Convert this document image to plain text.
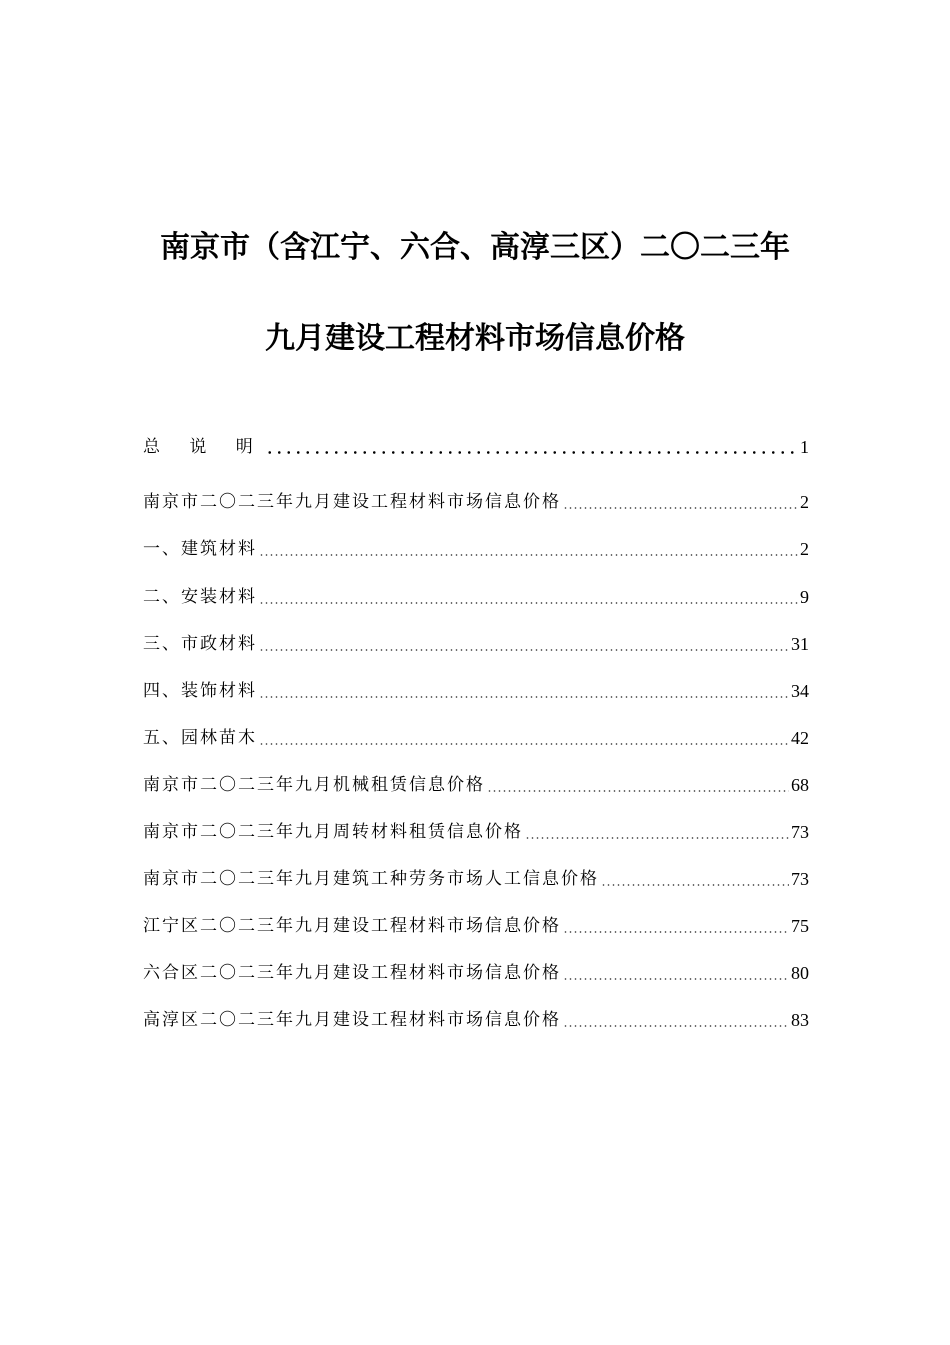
南京市（含江宁、六合、高淳三区）二〇二三年
九月建设工程材料市场信息价格
总 说 明	1
南京市二〇二三年九月建设工程材料市场信息价格	2
一、建筑材料	2
二、安装材料	9
三、市政材料	31
四、装饰材料	34
五、园林苗木	42
南京市二〇二三年九月机械租赁信息价格	68
南京市二〇二三年九月周转材料租赁信息价格	73
南京市二〇二三年九月建筑工种劳务市场人工信息价格	73
江宁区二〇二三年九月建设工程材料市场信息价格	75
六合区二〇二三年九月建设工程材料市场信息价格	80
高淳区二〇二三年九月建设工程材料市场信息价格	83
